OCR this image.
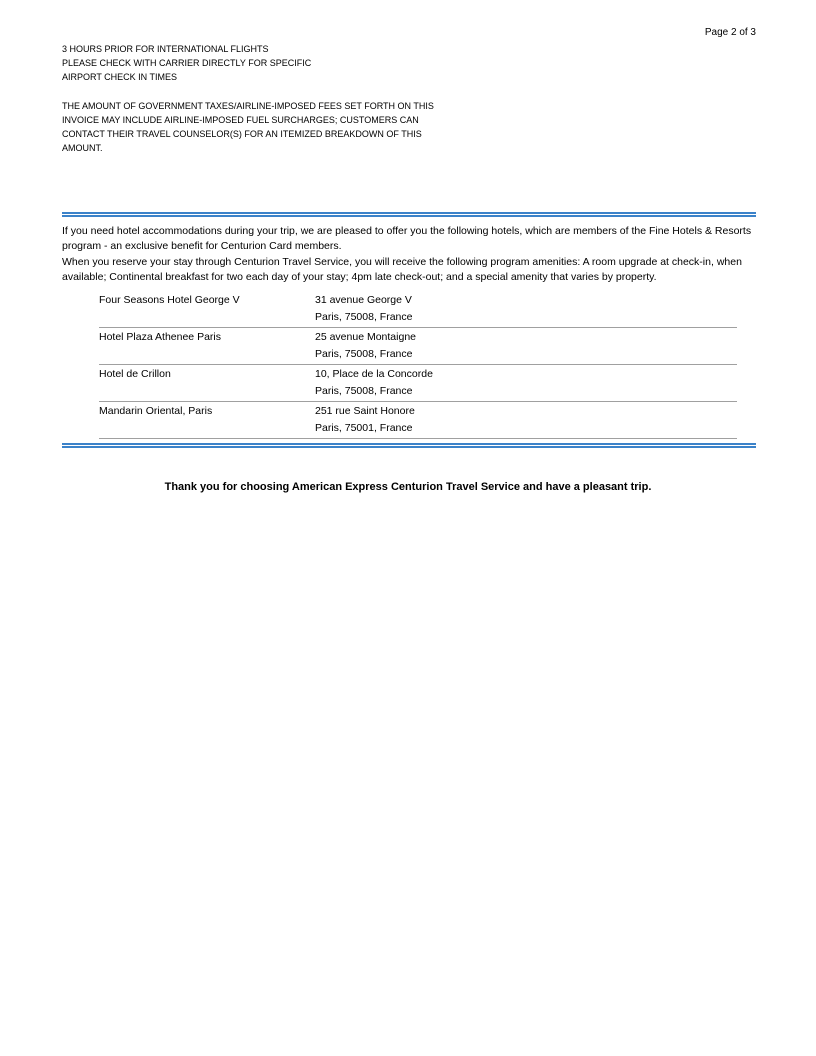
Page 2 of 3
3 HOURS PRIOR FOR INTERNATIONAL FLIGHTS
PLEASE CHECK WITH CARRIER DIRECTLY FOR SPECIFIC
AIRPORT CHECK IN TIMES
THE AMOUNT OF GOVERNMENT TAXES/AIRLINE-IMPOSED FEES SET FORTH ON THIS
INVOICE MAY INCLUDE AIRLINE-IMPOSED FUEL SURCHARGES; CUSTOMERS CAN
CONTACT THEIR TRAVEL COUNSELOR(S) FOR AN ITEMIZED BREAKDOWN OF THIS
AMOUNT.

If you need hotel accommodations during your trip, we are pleased to offer you the following hotels, which are members of the Fine Hotels & Resorts program - an exclusive benefit for Centurion Card members.

When you reserve your stay through Centurion Travel Service, you will receive the following program amenities: A room upgrade at check-in, when available; Continental breakfast for two each day of your stay; 4pm late check-out; and a special amenity that varies by property.

Four Seasons Hotel George V	31 avenue George V
Paris, 75008, France
Hotel Plaza Athenee Paris	25 avenue Montaigne
Paris, 75008, France
Hotel de Crillon	10, Place de la Concorde
Paris, 75008, France
Mandarin Oriental, Paris	251 rue Saint Honore
Paris, 75001, France
Thank you for choosing American Express Centurion Travel Service and have a pleasant trip.
